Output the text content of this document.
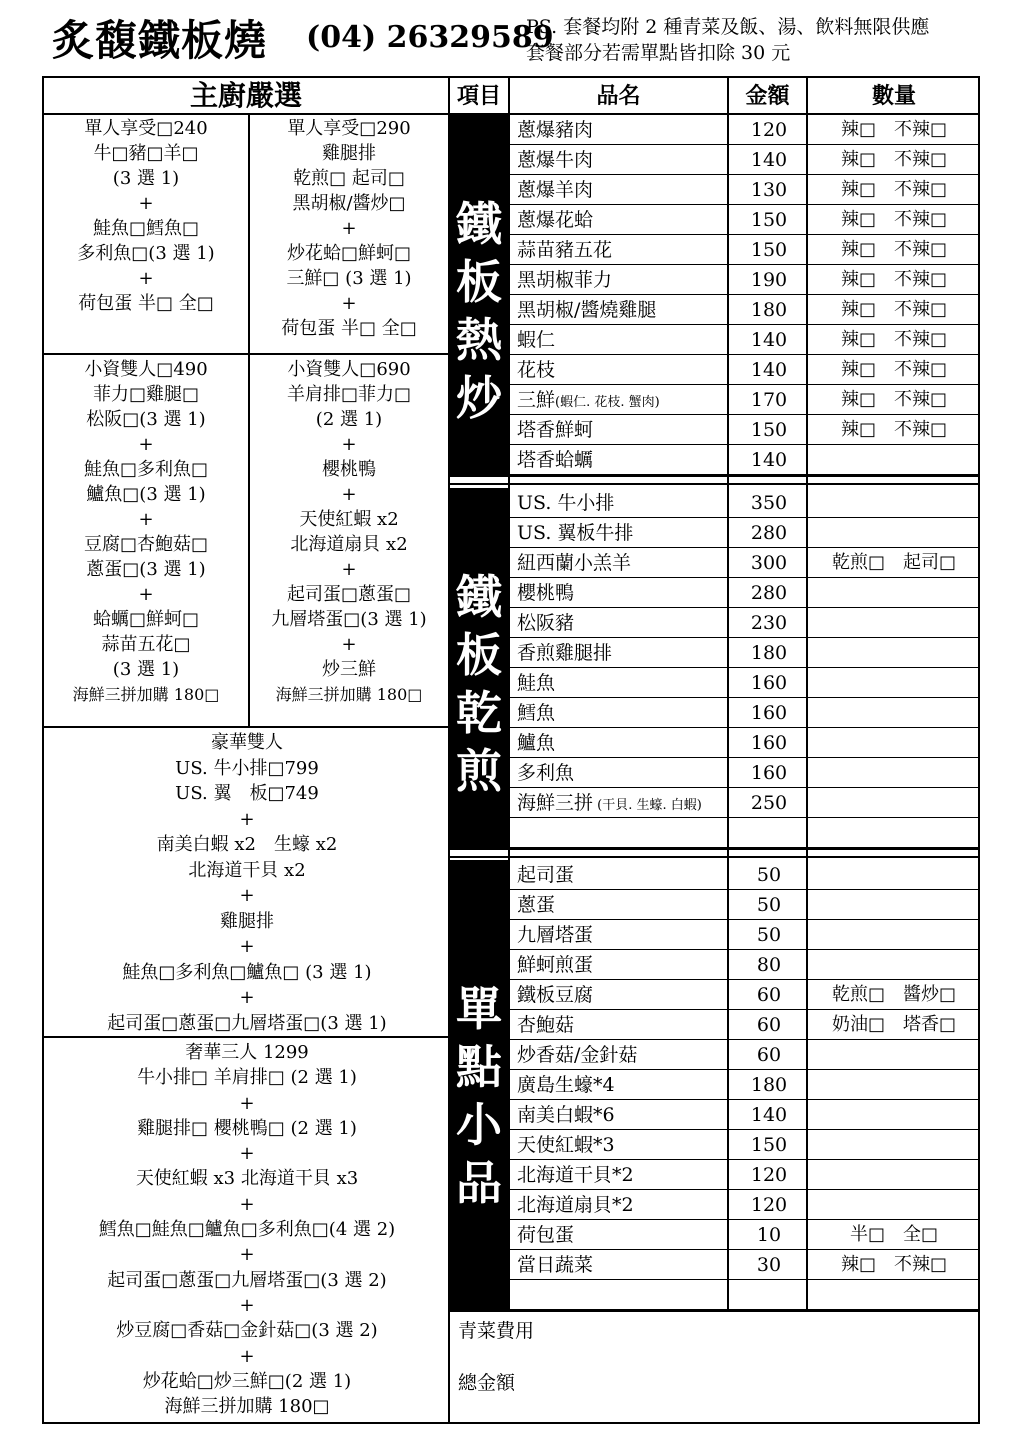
炙馥鐵板燒 (04) 26329589
PS. 套餐均附 2 種青菜及飯、湯、飲料無限供應
套餐部分若需單點皆扣除 30 元
主廚嚴選	項目	品名	金額	數量
單人享受□240
牛□豬□羊□
(3 選 1)
+
鮭魚□鱈魚□
多利魚□(3 選 1)
+
荷包蛋 半□ 全□
單人享受□290
雞腿排
乾煎□ 起司□
黑胡椒/醬炒□
+
炒花蛤□鮮蚵□
三鮮□ (3 選 1)
+
荷包蛋 半□ 全□
小資雙人□490
菲力□雞腿□
松阪□(3 選 1)
+
鮭魚□多利魚□
鱸魚□(3 選 1)
+
豆腐□杏鮑菇□
蔥蛋□(3 選 1)
+
蛤蠣□鮮蚵□
蒜苗五花□
(3 選 1)
海鮮三拼加購 180□
小資雙人□690
羊肩排□菲力□
(2 選 1)
+
櫻桃鴨
+
天使紅蝦 x2
北海道扇貝 x2
+
起司蛋□蔥蛋□
九層塔蛋□(3 選 1)
+
炒三鮮
海鮮三拼加購 180□
豪華雙人
US. 牛小排□799
US. 翼　板□749
+
南美白蝦 x2　生蠔 x2
北海道干貝 x2
+
雞腿排
+
鮭魚□多利魚□鱸魚□ (3 選 1)
+
起司蛋□蔥蛋□九層塔蛋□(3 選 1)
奢華三人 1299
牛小排□ 羊肩排□ (2 選 1)
+
雞腿排□ 櫻桃鴨□ (2 選 1)
+
天使紅蝦 x3 北海道干貝 x3
+
鱈魚□鮭魚□鱸魚□多利魚□(4 選 2)
+
起司蛋□蔥蛋□九層塔蛋□(3 選 2)
+
炒豆腐□香菇□金針菇□(3 選 2)
+
炒花蛤□炒三鮮□(2 選 1)
海鮮三拼加購 180□
鐵板熱炒
蔥爆豬肉	120	辣□　不辣□
蔥爆牛肉	140	辣□　不辣□
蔥爆羊肉	130	辣□　不辣□
蔥爆花蛤	150	辣□　不辣□
蒜苗豬五花	150	辣□　不辣□
黑胡椒菲力	190	辣□　不辣□
黑胡椒/醬燒雞腿	180	辣□　不辣□
蝦仁	140	辣□　不辣□
花枝	140	辣□　不辣□
三鮮(蝦仁. 花枝. 蟹肉)	170	辣□　不辣□
塔香鮮蚵	150	辣□　不辣□
塔香蛤蠣	140
鐵板乾煎
US. 牛小排	350
US. 翼板牛排	280
紐西蘭小羔羊	300	乾煎□　起司□
櫻桃鴨	280
松阪豬	230
香煎雞腿排	180
鮭魚	160
鱈魚	160
鱸魚	160
多利魚	160
海鮮三拼 (干貝. 生蠔. 白蝦)	250
單點小品
起司蛋	50
蔥蛋	50
九層塔蛋	50
鮮蚵煎蛋	80
鐵板豆腐	60	乾煎□　醬炒□
杏鮑菇	60	奶油□　塔香□
炒香菇/金針菇	60
廣島生蠔*4	180
南美白蝦*6	140
天使紅蝦*3	150
北海道干貝*2	120
北海道扇貝*2	120
荷包蛋	10	半□　全□
當日蔬菜	30	辣□　不辣□
青菜費用
總金額
